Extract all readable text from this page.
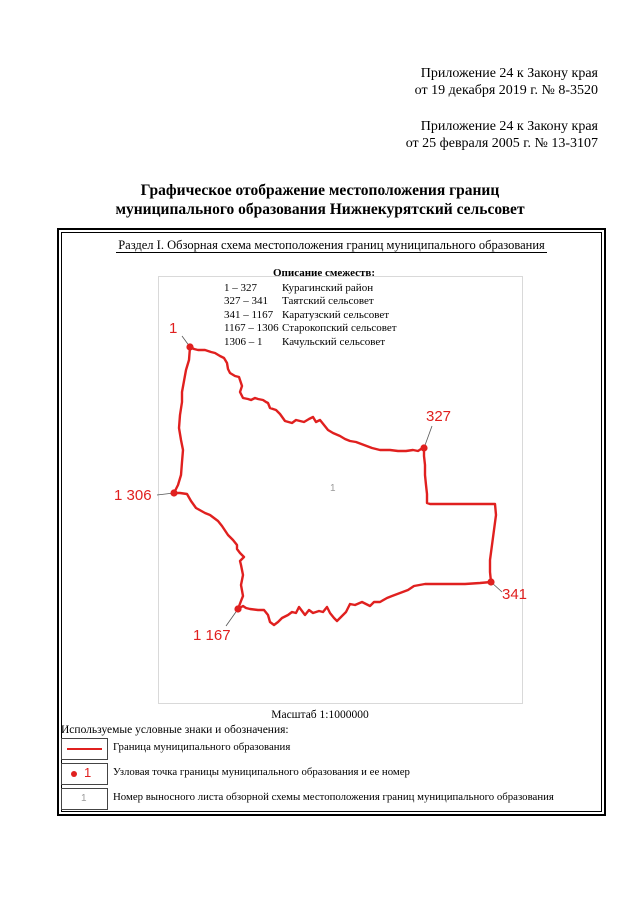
Приложение 24 к Закону края
от 19 декабря 2019 г. № 8-3520
Приложение 24 к Закону края
от 25 февраля 2005 г. № 13-3107
Графическое отображение местоположения границ
муниципального образования Нижнекурятский сельсовет
Раздел I. Обзорная схема местоположения границ муниципального образования
1
327
341
1 167
1 306	1
Описание смежеств:
1 – 327	Курагинский район
327 – 341	Таятский сельсовет
341 – 1167 Каратузский сельсовет
1167 – 1306 Старокопский сельсовет
1306 – 1	Качульский сельсовет
Масштаб 1:1000000
Используемые условные знаки и обозначения:
Граница муниципального образования
1 Узловая точка границы муниципального образования и ее номер
1 Номер выносного листа обзорной схемы местоположения границ муниципального образования
